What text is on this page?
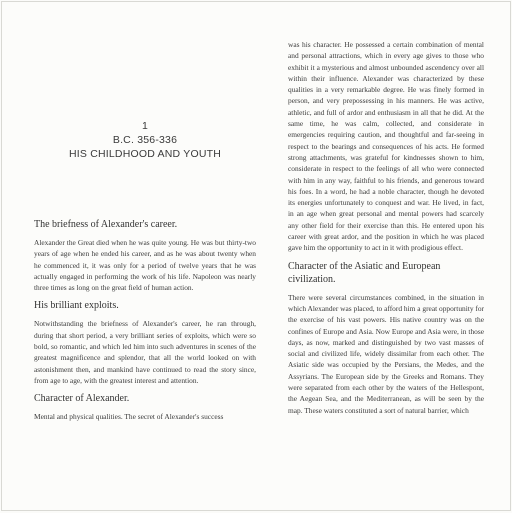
1
B.C. 356-336
HIS CHILDHOOD AND YOUTH
The briefness of Alexander's career.

Alexander the Great died when he was quite young. He was but thirty-two years of age when he ended his career, and as he was about twenty when he commenced it, it was only for a period of twelve years that he was actually engaged in performing the work of his life. Napoleon was nearly three times as long on the great field of human action.

His brilliant exploits.

Notwithstanding the briefness of Alexander's career, he ran through, during that short period, a very brilliant series of exploits, which were so bold, so romantic, and which led him into such adventures in scenes of the greatest magnificence and splendor, that all the world looked on with astonishment then, and mankind have continued to read the story since, from age to age, with the greatest interest and attention.

Character of Alexander.

Mental and physical qualities. The secret of Alexander's success

was his character. He possessed a certain combination of mental and personal attractions, which in every age gives to those who exhibit it a mysterious and almost unbounded ascendency over all within their influence. Alexander was characterized by these qualities in a very remarkable degree. He was finely formed in person, and very prepossessing in his manners. He was active, athletic, and full of ardor and enthusiasm in all that he did. At the same time, he was calm, collected, and considerate in emergencies requiring caution, and thoughtful and far-seeing in respect to the bearings and consequences of his acts. He formed strong attachments, was grateful for kindnesses shown to him, considerate in respect to the feelings of all who were connected with him in any way, faithful to his friends, and generous toward his foes. In a word, he had a noble character, though he devoted its energies unfortunately to conquest and war. He lived, in fact, in an age when great personal and mental powers had scarcely any other field for their exercise than this. He entered upon his career with great ardor, and the position in which he was placed gave him the opportunity to act in it with prodigious effect.

Character of the Asiatic and European civilization.

There were several circumstances combined, in the situation in which Alexander was placed, to afford him a great opportunity for the exercise of his vast powers. His native country was on the confines of Europe and Asia. Now Europe and Asia were, in those days, as now, marked and distinguished by two vast masses of social and civilized life, widely dissimilar from each other. The Asiatic side was occupied by the Persians, the Medes, and the Assyrians. The European side by the Greeks and Romans. They were separated from each other by the waters of the Hellespont, the Aegean Sea, and the Mediterranean, as will be seen by the map. These waters constituted a sort of natural barrier, which
